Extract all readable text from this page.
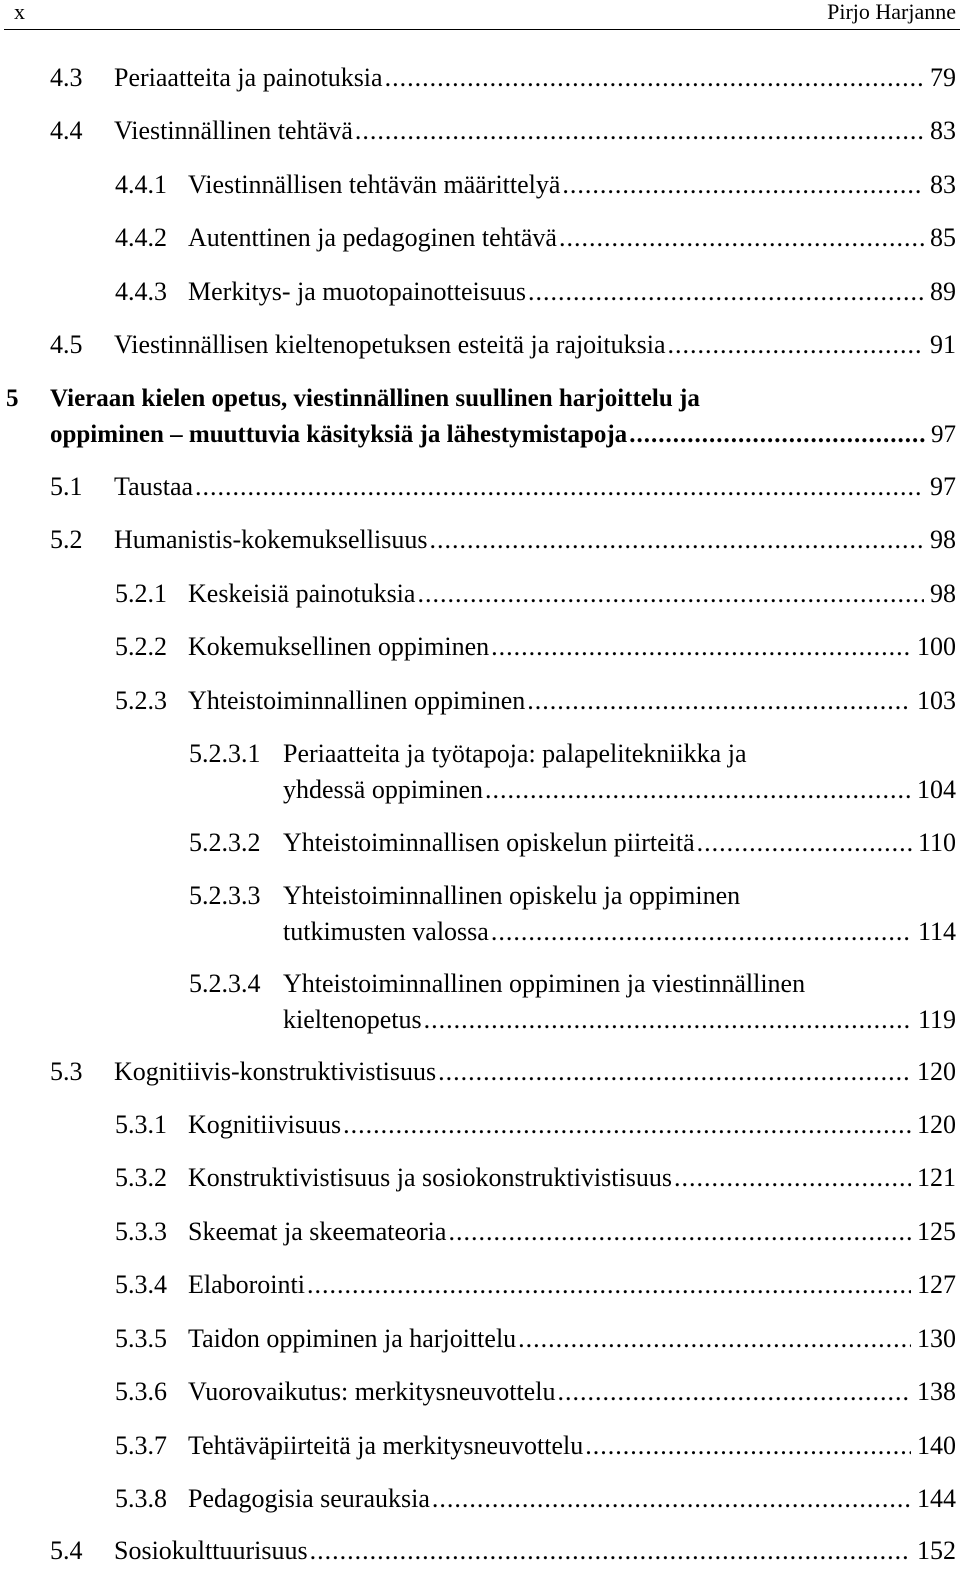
x	Pirjo Harjanne
4.3 Periaatteita ja painotuksia .....	79
4.4 Viestinnällinen tehtävä .....	83
4.4.1 Viestinnällisen tehtävän määrittelyä .....	83
4.4.2 Autenttinen ja pedagoginen tehtävä .....	85
4.4.3 Merkitys- ja muotopainotteisuus .....	89
4.5 Viestinnällisen kieltenopetuksen esteitä ja rajoituksia .....	91
5 Vieraan kielen opetus, viestinnällinen suullinen harjoittelu ja
oppiminen – muuttuvia käsityksiä ja lähestymistapoja .....	97
5.1 Taustaa .....	97
5.2 Humanistis-kokemuksellisuus .....	98
5.2.1 Keskeisiä painotuksia .....	98
5.2.2 Kokemuksellinen oppiminen .....	100
5.2.3 Yhteistoiminnallinen oppiminen .....	103
5.2.3.1 Periaatteita ja työtapoja: palapelitekniikka ja
yhdessä oppiminen .....	104
5.2.3.2 Yhteistoiminnallisen opiskelun piirteitä .....	110
5.2.3.3 Yhteistoiminnallinen opiskelu ja oppiminen
tutkimusten valossa .....	114
5.2.3.4 Yhteistoiminnallinen oppiminen ja viestinnällinen
kieltenopetus .....	119
5.3 Kognitiivis-konstruktivistisuus .....	120
5.3.1 Kognitiivisuus .....	120
5.3.2 Konstruktivistisuus ja sosiokonstruktivistisuus .....	121
5.3.3 Skeemat ja skeemateoria .....	125
5.3.4 Elaborointi .....	127
5.3.5 Taidon oppiminen ja harjoittelu .....	130
5.3.6 Vuorovaikutus: merkitysneuvottelu .....	138
5.3.7 Tehtäväpiirteitä ja merkitysneuvottelu .....	140
5.3.8 Pedagogisia seurauksia .....	144
5.4 Sosiokulttuurisuus .....	152
